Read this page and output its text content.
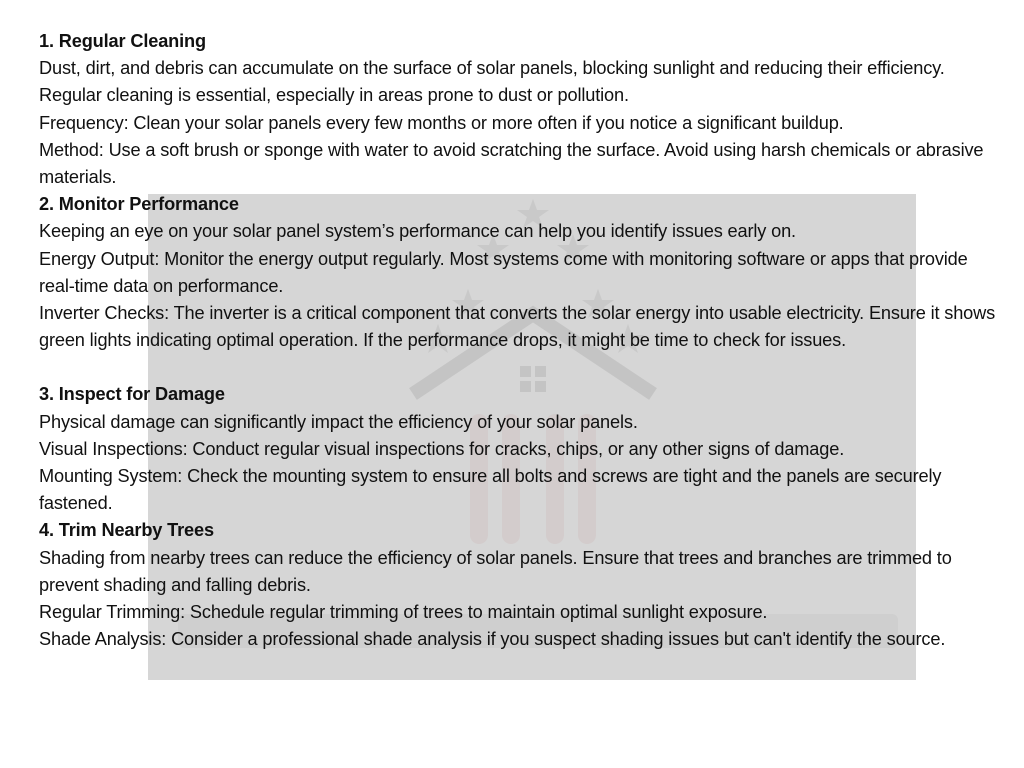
1. Regular Cleaning

Dust, dirt, and debris can accumulate on the surface of solar panels, blocking sunlight and reducing their efficiency. Regular cleaning is essential, especially in areas prone to dust or pollution.

Frequency: Clean your solar panels every few months or more often if you notice a significant buildup.

Method: Use a soft brush or sponge with water to avoid scratching the surface. Avoid using harsh chemicals or abrasive materials.

2. Monitor Performance

Keeping an eye on your solar panel system’s performance can help you identify issues early on.

Energy Output: Monitor the energy output regularly. Most systems come with monitoring software or apps that provide real-time data on performance.

Inverter Checks: The inverter is a critical component that converts the solar energy into usable electricity. Ensure it shows green lights indicating optimal operation. If the performance drops, it might be time to check for issues.

3. Inspect for Damage

Physical damage can significantly impact the efficiency of your solar panels.

Visual Inspections: Conduct regular visual inspections for cracks, chips, or any other signs of damage.

Mounting System: Check the mounting system to ensure all bolts and screws are tight and the panels are securely fastened.

4. Trim Nearby Trees

Shading from nearby trees can reduce the efficiency of solar panels. Ensure that trees and branches are trimmed to prevent shading and falling debris.

Regular Trimming: Schedule regular trimming of trees to maintain optimal sunlight exposure.

Shade Analysis: Consider a professional shade analysis if you suspect shading issues but can't identify the source.
